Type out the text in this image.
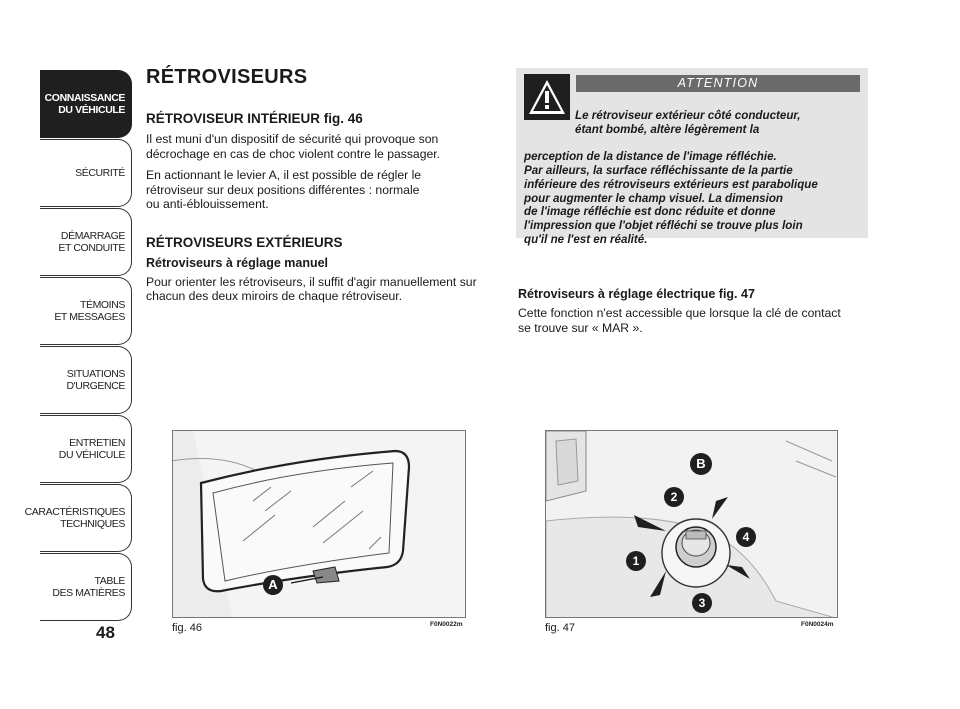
CONNAISSANCE
DU VÉHICULE
SÉCURITÉ
DÉMARRAGE
ET CONDUITE
TÉMOINS
ET MESSAGES
SITUATIONS
D'URGENCE
ENTRETIEN
DU VÉHICULE
CARACTÉRISTIQUES
TECHNIQUES
TABLE
DES MATIÈRES
48
RÉTROVISEURS
RÉTROVISEUR INTÉRIEUR fig. 46
Il est muni d'un dispositif de sécurité qui provoque son
décrochage en cas de choc violent contre le passager.
En actionnant le levier A, il est possible de régler le
rétroviseur sur deux positions différentes : normale
ou anti-éblouissement.
RÉTROVISEURS EXTÉRIEURS
Rétroviseurs à réglage manuel
Pour orienter les rétroviseurs, il suffit d'agir manuellement sur
chacun des deux miroirs de chaque rétroviseur.
ATTENTION

Le rétroviseur extérieur côté conducteur,
étant bombé, altère légèrement la

perception de la distance de l'image réfléchie.
Par ailleurs, la surface réfléchissante de la partie
inférieure des rétroviseurs extérieurs est parabolique
pour augmenter le champ visuel. La dimension
de l'image réfléchie est donc réduite et donne
l'impression que l'objet réfléchi se trouve plus loin
qu'il ne l'est en réalité.

Rétroviseurs à réglage électrique fig. 47
Cette fonction n'est accessible que lorsque la clé de contact
se trouve sur « MAR ».
A
fig. 46	F0N0022m
B
2
4
1
3
fig. 47	F0N0024m
